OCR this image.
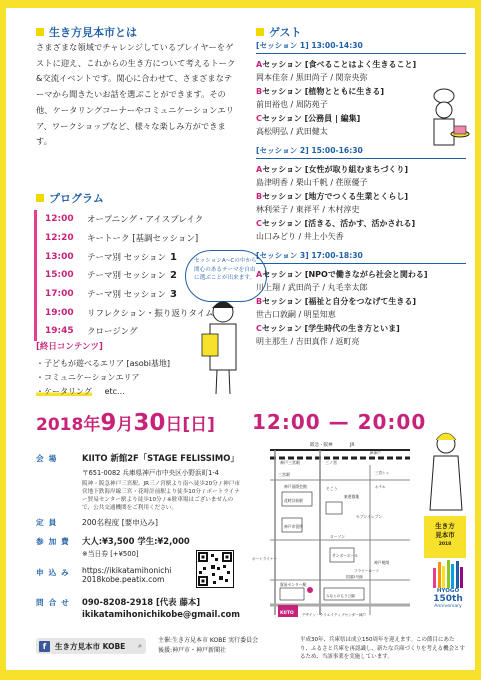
生き方見本市とは
さまざまな領域でチャレンジしているプレイヤーをゲストに迎え、これからの生き方について考えるトーク&交流イベントです。関心に合わせて、さまざまなテーマから聞きたいお話を選ぶことができます。その他、ケータリングコーナーやコミュニケーションエリア、ワークショップなど、様々な楽しみ方ができます。
プログラム
12:00	オープニング・アイスブレイク
12:20	キートーク [基調セッション]
13:00	テーマ別 セッション 1
15:00	テーマ別 セッション 2
17:00	テーマ別 セッション 3
19:00	リフレクション・振り返りタイム
19:45	クロージング
セッションA~Cの中から関心のあるテーマを自由に選ぶことが出来ます。
[終日コンテンツ]
・子どもが遊べるエリア [asobi基地]
・コミュニケーションエリア
・ケータリング etc...
ゲスト
[セッション 1] 13:00-14:30
Aセッション [食べることはよく生きること]
岡本佳奈 / 黒田尚子 / 関奈央弥
Bセッション [植物とともに生きる]
前田裕也 / 周防苑子
Cセッション [公務員 | 編集]
高松明弘 / 武田健太
[セッション 2] 15:00-16:30
Aセッション [女性が取り組むまちづくり]
島津明香 / 栗山千帆 / 荏原優子
Bセッション [地方でつくる生業とくらし]
林利栄子 / 東祥平 / 木村淳史
Cセッション [活きる、活かす、活かされる]
山口みどり / 井上小矢香
[セッション 3] 17:00-18:30
Aセッション [NPOで働きながら社会と関わる]
川上翔 / 武田尚子 / 丸毛幸太郎
Bセッション [福祉と自分をつなげて生きる]
世古口敦嗣 / 明星知恵
Cセッション [学生時代の生き方といま]
明主那生 / 吉田真作 / 返町亮
2018年9月30日[日] 12:00 — 20:00
会場 KIITO 新館2F「STAGE FELISSIMO」
〒651-0082 兵庫県神戸市中央区小野浜町1-4
阪神・阪急神戸三宮駅、JR三ノ宮駅より南へ徒歩20分 / 神戸市営地下鉄海岸線三宮・花時計前駅より徒歩10分 / ポートライナー貿易センター駅より徒歩10分 / ※駐車場はございませんので、公共交通機関をご利用ください。
定員	200名程度 [要申込み]
参加費 大人:¥3,500 学生:¥2,000
※当日券 [+¥500]
申込み https://ikikatamihonichi
2018kobe.peatix.com
問合せ 090-8208-2918 [代表 藤本]
ikikatamihonichikobe@gmail.com
阪急・阪神	JR
神戸三宮駅	三ノ宮
三宮駅
花時計前駅
神戸市役所
東遊園地
神戸国際会館	そごう
ローソン
セブンイレブン
サンボーホール
神戸税関
貿易センター駅
KIITO デザイン・クリエイティブセンター神戸
みなとのもり公園
ポートライナー
ホテル
三宮シェ
フラワーロード
国道2号線
JR神戸
生き方
見本市
2018
HYOGO
150th
Anniversary
f	生き方見本市 KOBE ⌕
主催:生き方見本市 KOBE 実行委員会
後援:神戸市・神戸新聞社
平成30年、兵庫県は成立150周年を迎えます。この節目にあたり、ふるさと兵庫を再認識し、新たな兵庫づくりを考える機会とするため、当該事業を実施しています。
